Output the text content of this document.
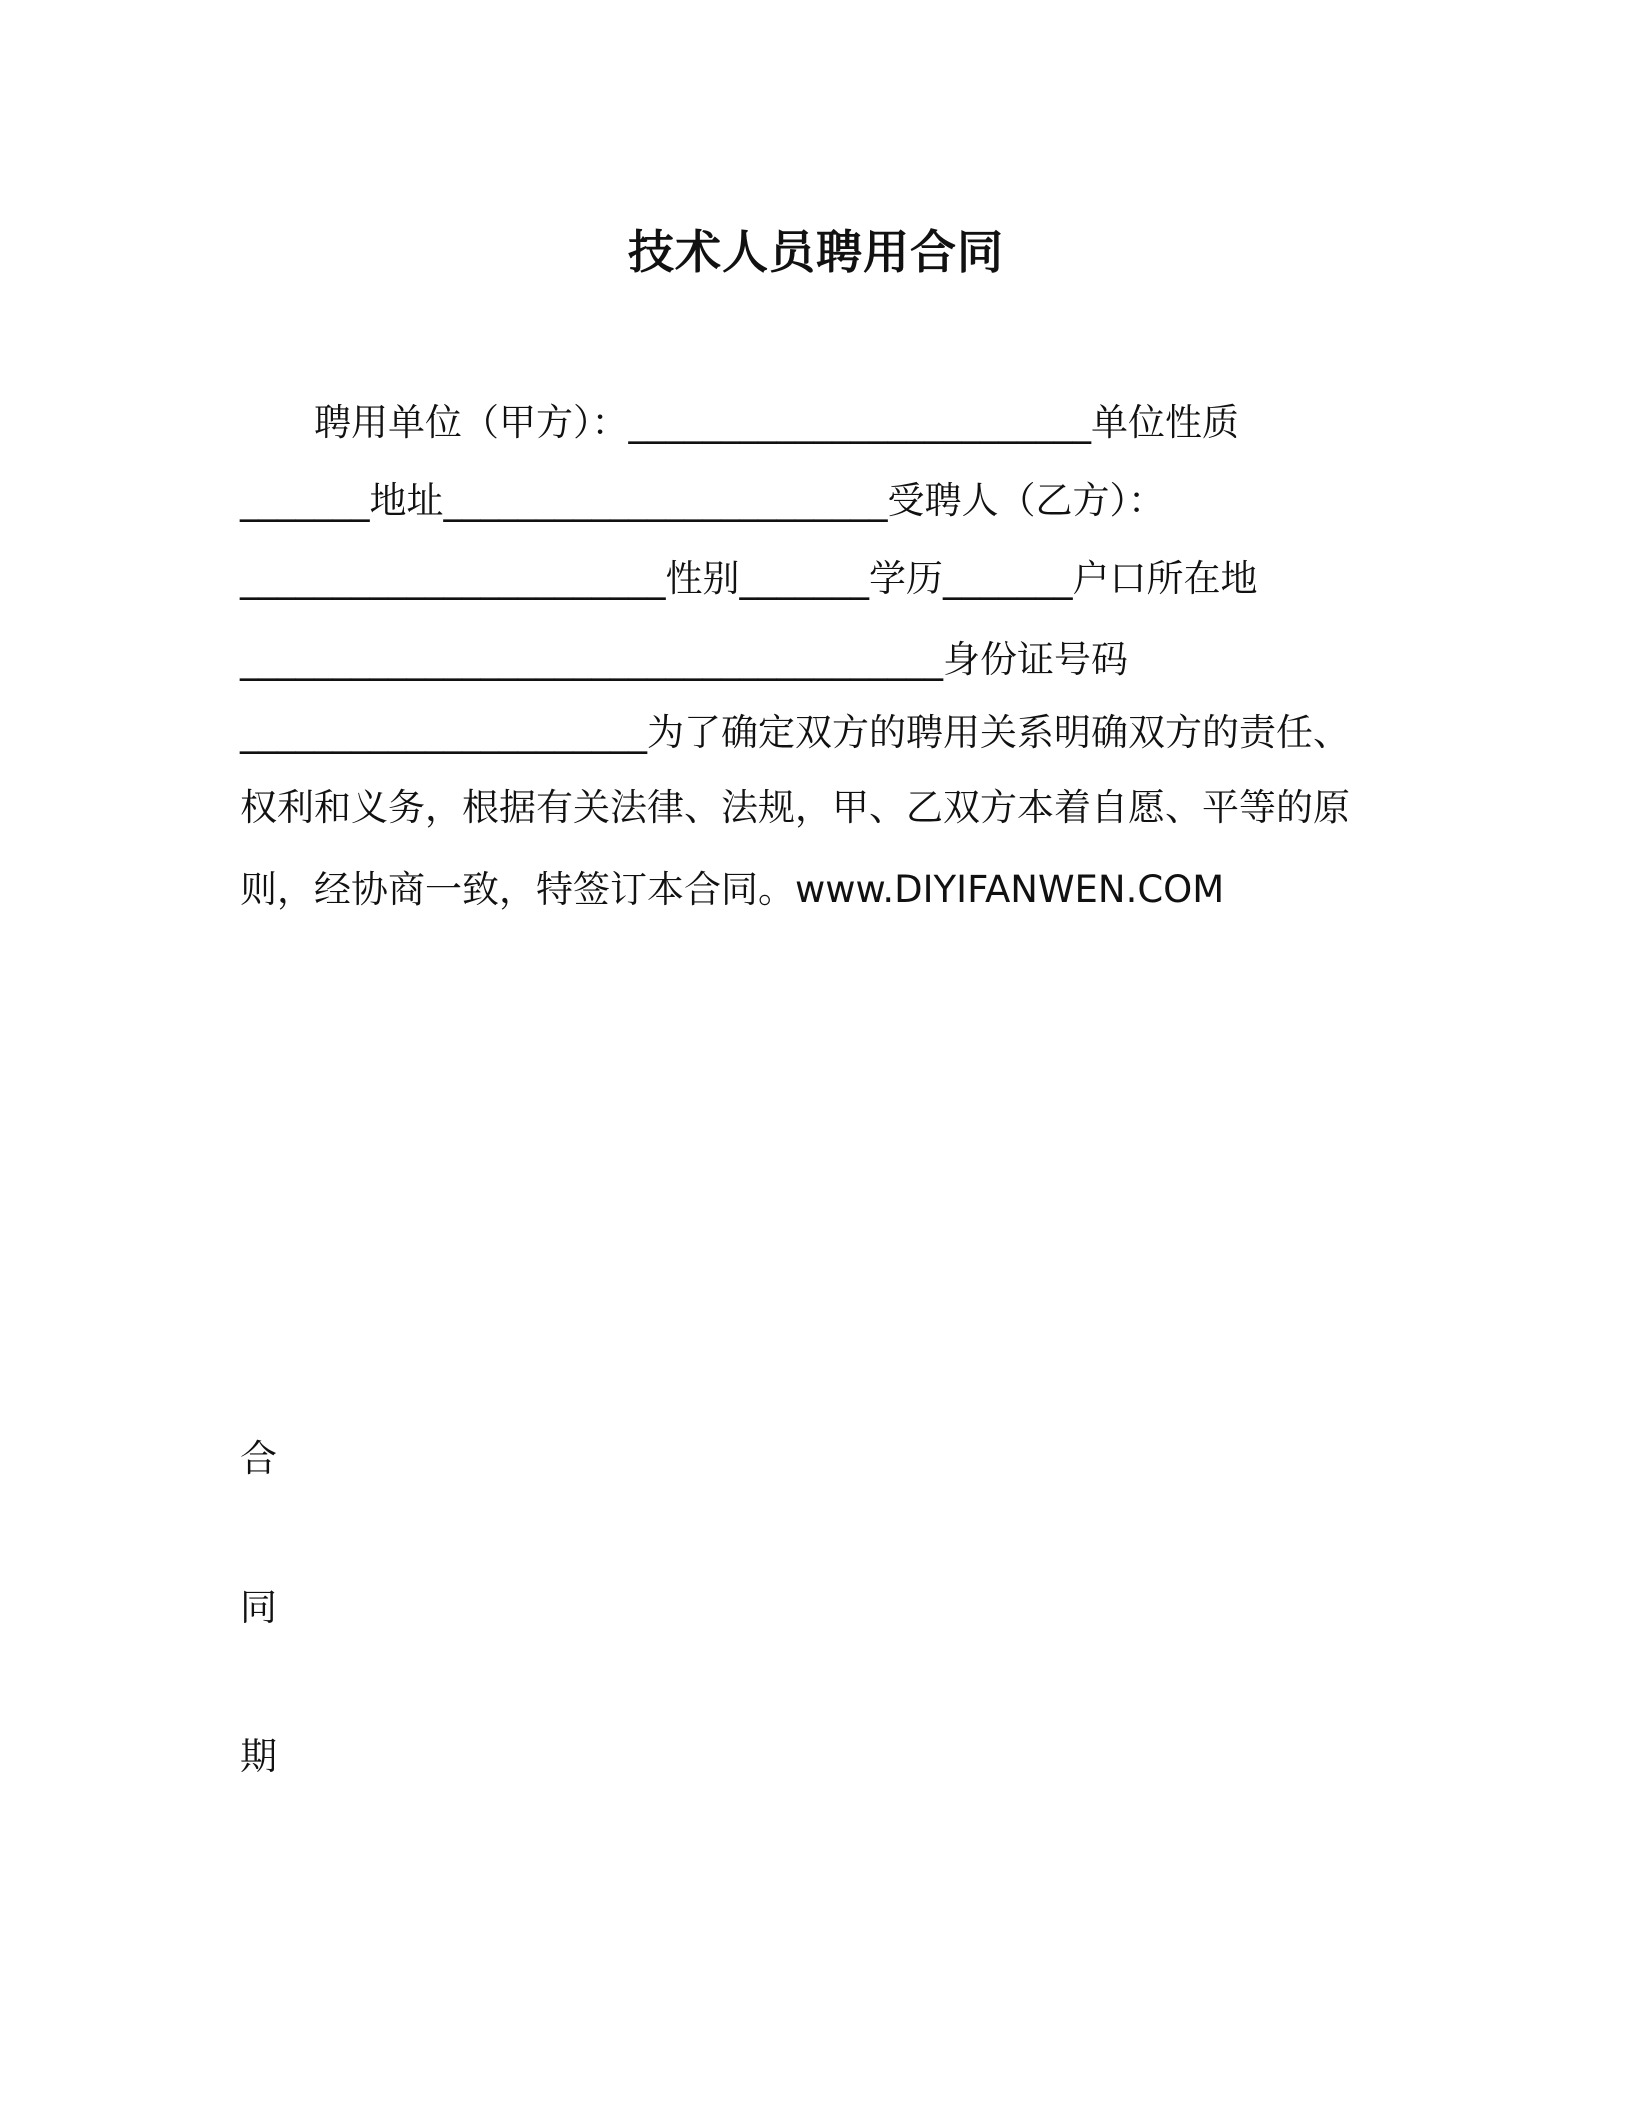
技术人员聘用合同
　　聘用单位（甲方）：_________________________单位性质
_______地址________________________受聘人（乙方）：
_______________________性别_______学历_______户口所在地
______________________________________身份证号码
______________________为了确定双方的聘用关系明确双方的责任、
权利和义务，根据有关法律、法规，甲、乙双方本着自愿、平等的原
则，经协商一致，特签订本合同。www.DIYIFANWEN.COM
合
同
期
